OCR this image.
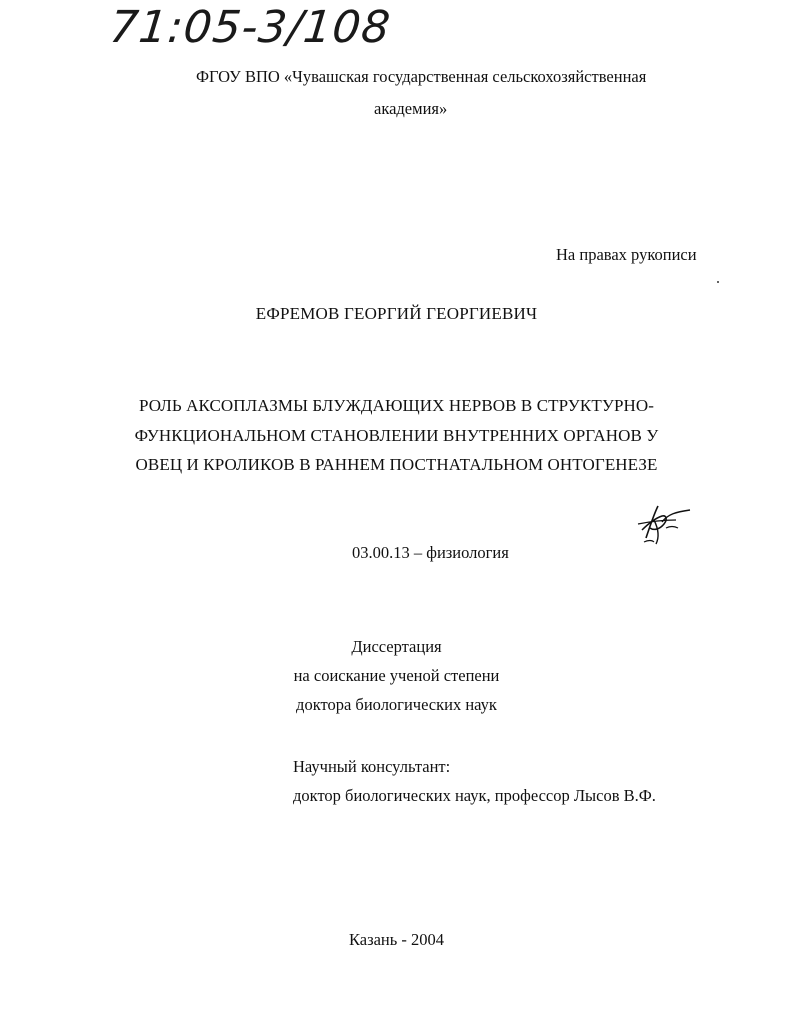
71:05-3/108

ФГОУ ВПО «Чувашская государственная сельскохозяйственная

академия»

На правах рукописи

ЕФРЕМОВ ГЕОРГИЙ ГЕОРГИЕВИЧ

РОЛЬ АКСОПЛАЗМЫ БЛУЖДАЮЩИХ НЕРВОВ В СТРУКТУРНО-
ФУНКЦИОНАЛЬНОМ СТАНОВЛЕНИИ ВНУТРЕННИХ ОРГАНОВ У
ОВЕЦ И КРОЛИКОВ В РАННЕМ ПОСТНАТАЛЬНОМ ОНТОГЕНЕЗЕ

03.00.13 – физиология

Диссертация
на соискание ученой степени
доктора биологических наук
Научный консультант:
доктор биологических наук, профессор Лысов В.Ф.

Казань - 2004
